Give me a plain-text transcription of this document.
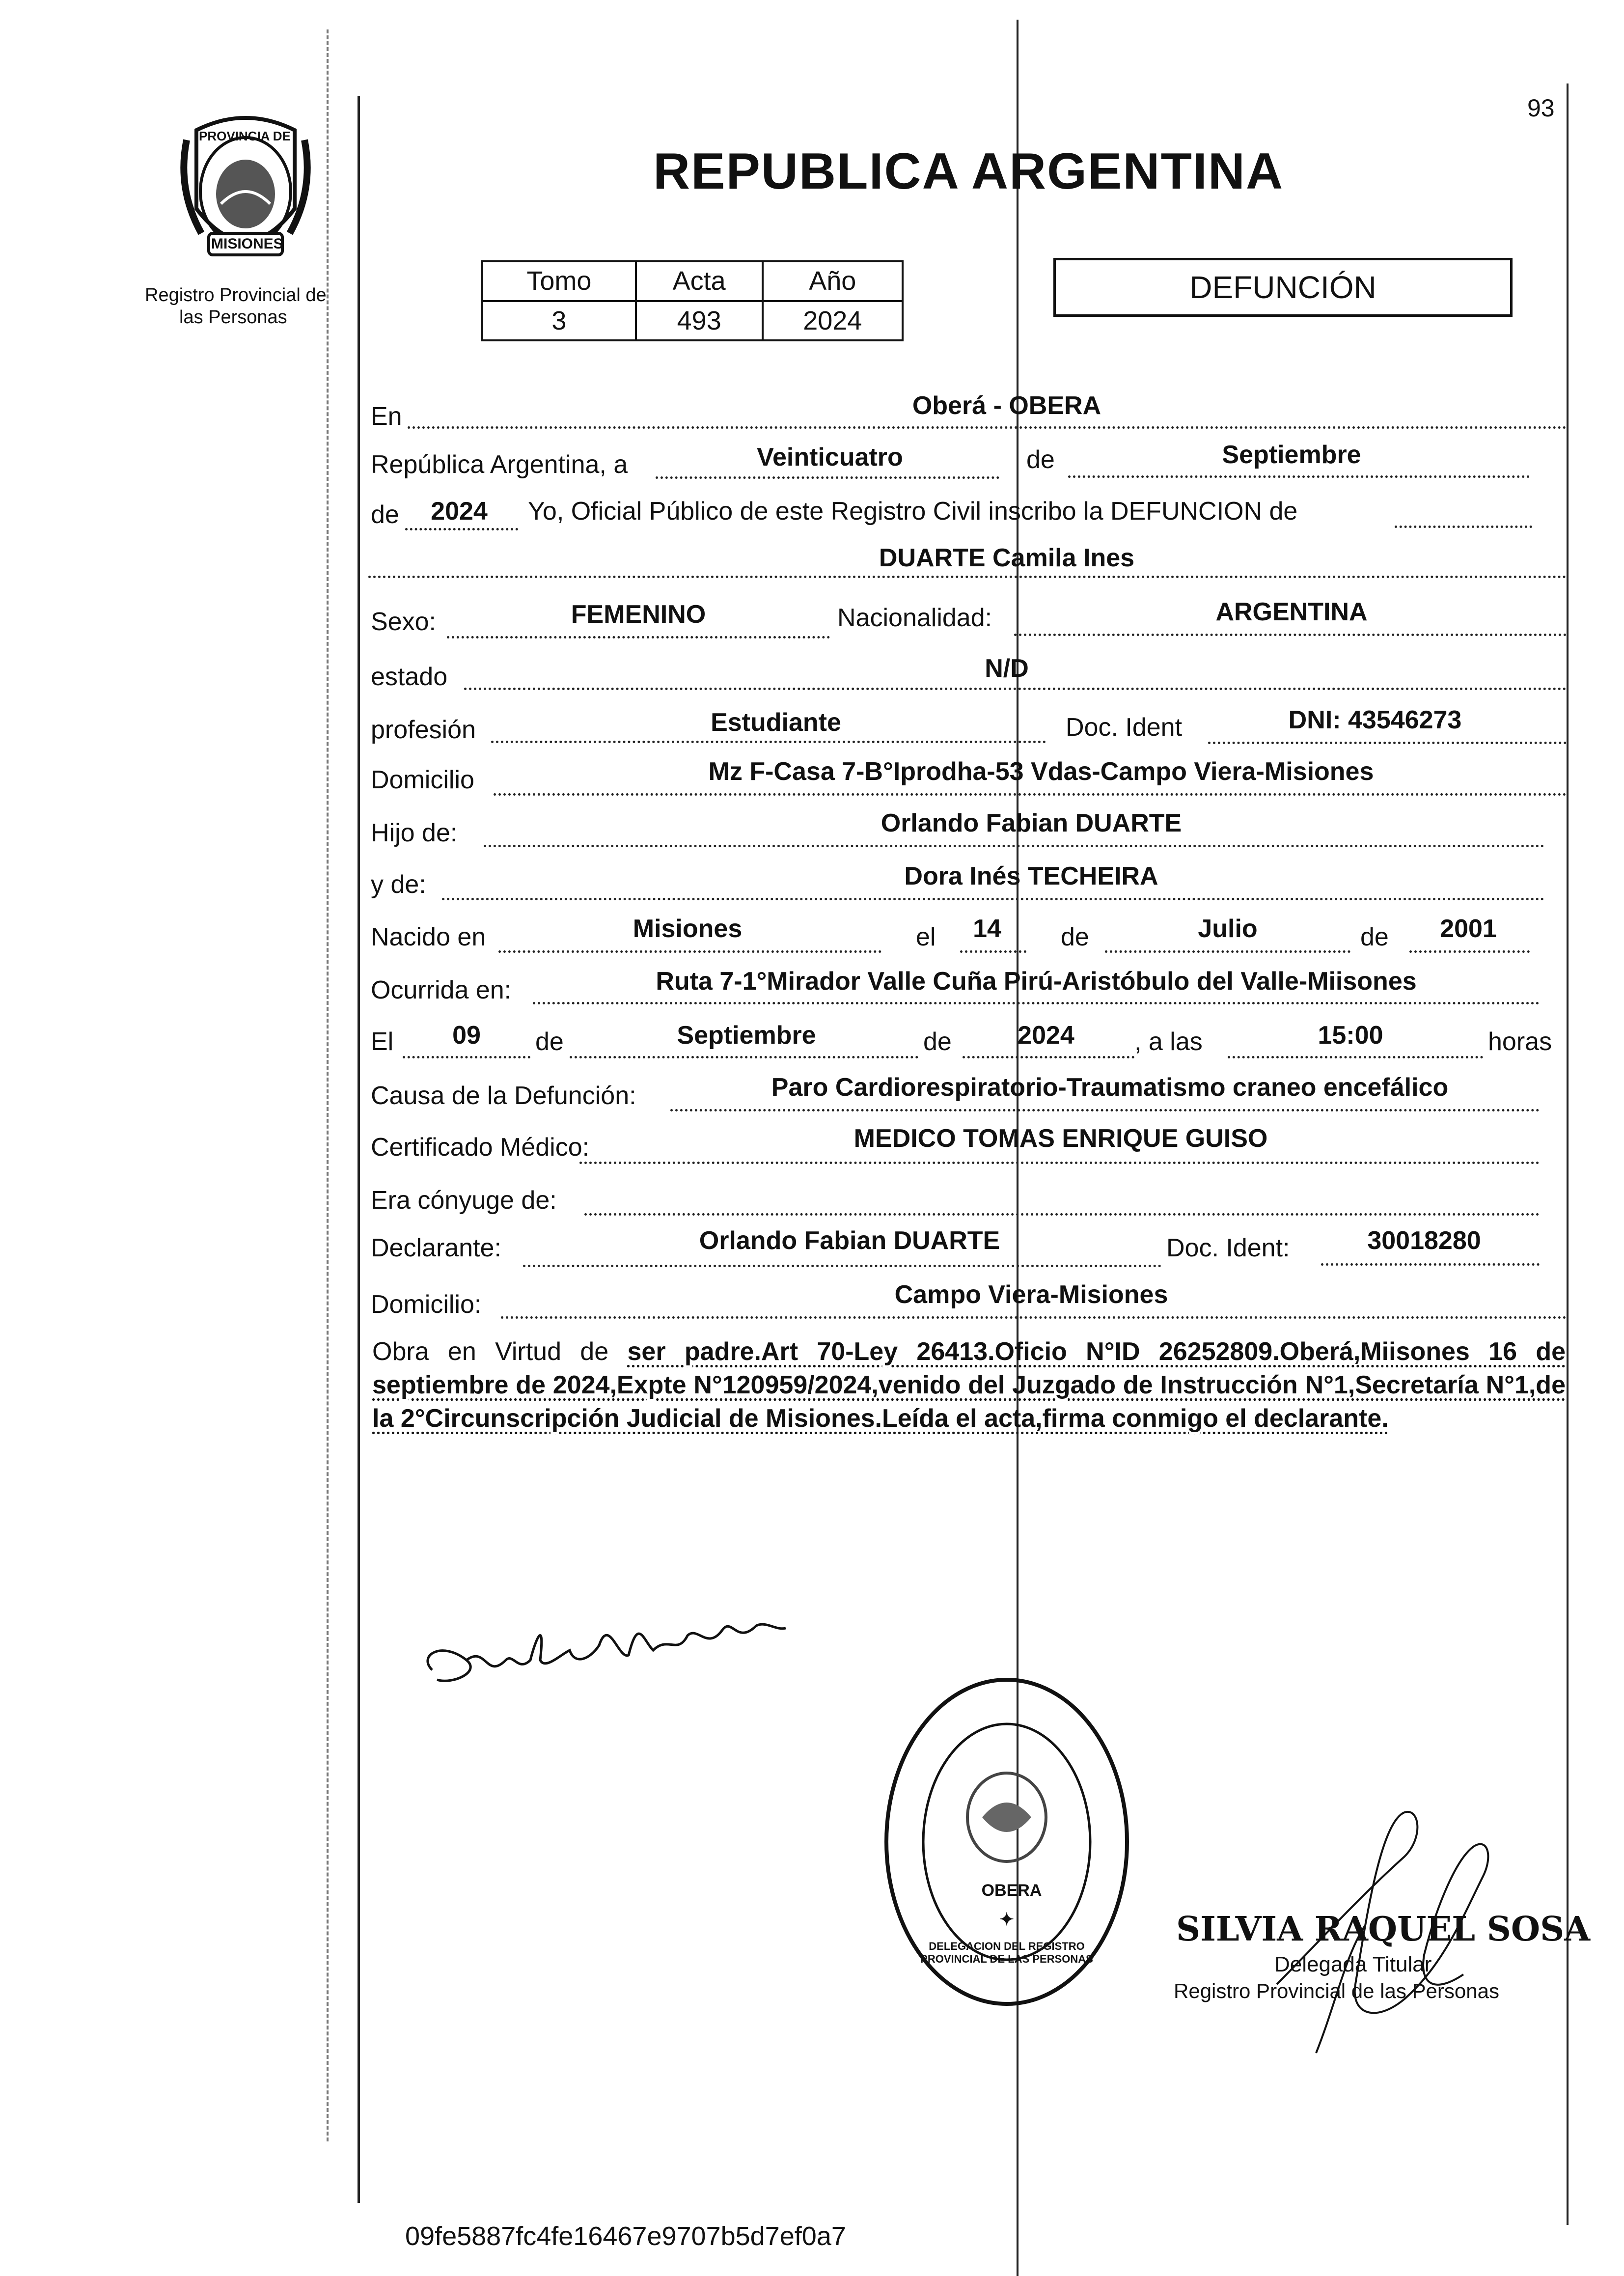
93
PROVINCIA DE
MISIONES
Registro Provincial de
las Personas
REPUBLICA ARGENTINA
Tomo	Acta	Año
3	493	2024
DEFUNCIÓN
En	Oberá - OBERA
República Argentina, a	Veinticuatro	de	Septiembre
de	2024	Yo, Oficial Público de este Registro Civil inscribo la DEFUNCION de
DUARTE Camila Ines
Sexo:	FEMENINO	Nacionalidad:	ARGENTINA
estado	N/D
profesión	Estudiante	Doc. Ident	DNI: 43546273
Domicilio	Mz F-Casa 7-B°Iprodha-53 Vdas-Campo Viera-Misiones
Hijo de:	Orlando Fabian DUARTE
y de:	Dora Inés TECHEIRA
Nacido en	Misiones	el	14	de	Julio	de	2001
Ocurrida en:	Ruta 7-1°Mirador Valle Cuña Pirú-Aristóbulo del Valle-Miisones
El	09	de	Septiembre	de	2024	, a las	15:00	horas
Causa de la Defunción:	Paro Cardiorespiratorio-Traumatismo craneo encefálico
Certificado Médico:	MEDICO TOMAS ENRIQUE GUISO
Era cónyuge de:
Declarante:	Orlando Fabian DUARTE	Doc. Ident:	30018280
Domicilio:	Campo Viera-Misiones
Obra en Virtud de ser padre.Art 70-Ley 26413.Oficio N°ID 26252809.Oberá,Miisones 16 de septiembre de 2024,Expte N°120959/2024,venido del Juzgado de Instrucción N°1,Secretaría N°1,de la 2°Circunscripción Judicial de Misiones.Leída el acta,firma conmigo el declarante.
✦
DELEGACION DEL REGISTRO PROVINCIAL DE LAS PERSONAS
OBERA
SILVIA RAQUEL SOSA
Delegada Titular
Registro Provincial de las Personas
09fe5887fc4fe16467e9707b5d7ef0a7
